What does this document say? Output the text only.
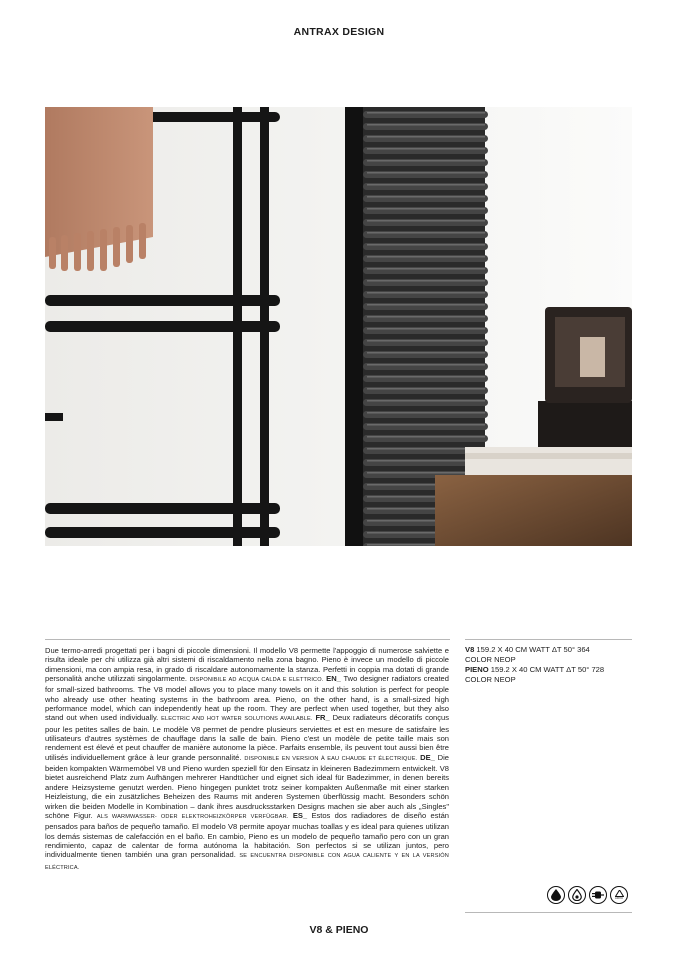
ANTRAX DESIGN
Due termo-arredi progettati per i bagni di piccole dimensioni. Il modello V8 permette l'appoggio di numerose salviette e risulta ideale per chi utilizza già altri sistemi di riscaldamento nella zona bagno. Pieno è invece un modello di piccole dimensioni, ma con ampia resa, in grado di riscaldare autonomamente la stanza. Perfetti in coppia ma dotati di grande personalità anche utilizzati singolarmente. DISPONIBILE AD ACQUA CALDA E ELETTRICO. EN_ Two designer radiators created for small-sized bathrooms. The V8 model allows you to place many towels on it and this solution is perfect for people who already use other heating systems in the bathroom area. Pieno, on the other hand, is a small-sized high performance model, which can independently heat up the room. They are perfect when used together, but they also stand out when used individually. ELECTRIC AND HOT WATER SOLUTIONS AVAILABLE. FR_ Deux radiateurs décoratifs conçus pour les petites salles de bain. Le modèle V8 permet de pendre plusieurs serviettes et est en mesure de satisfaire les utilisateurs d'autres systèmes de chauffage dans la salle de bain. Pieno c'est un modèle de petite taille mais son rendement est élevé et peut chauffer de manière autonome la pièce. Parfaits ensemble, ils peuvent tout aussi bien être utilisés individuellement grâce à leur grande personnalité. DISPONIBLE EN VERSION À EAU CHAUDE ET ÉLECTRIQUE. DE_ Die beiden kompakten Wärmemöbel V8 und Pieno wurden speziell für den Einsatz in kleineren Badezimmern entwickelt. V8 bietet ausreichend Platz zum Aufhängen mehrerer Handtücher und eignet sich ideal für Badezimmer, in denen bereits andere Heizsysteme genutzt werden. Pieno hingegen punktet trotz seiner kompakten Außenmaße mit einer starken Heizleistung, die ein zusätzliches Beheizen des Raums mit anderen Systemen überflüssig macht. Besonders schön wirken die beiden Modelle in Kombination – dank ihres ausdrucksstarken Designs machen sie aber auch als „Singles" schöne Figur. ALS WARMWASSER- ODER ELEKTROHEIZKÖRPER VERFÜGBAR. ES_ Estos dos radiadores de diseño están pensados para baños de pequeño tamaño. El modelo V8 permite apoyar muchas toallas y es ideal para quienes utilizan los demás sistemas de calefacción en el baño. En cambio, Pieno es un modelo de pequeño tamaño pero con un gran rendimiento, capaz de calentar de forma autónoma la habitación. Son perfectos si se utilizan juntos, pero individualmente tienen también una gran personalidad. SE ENCUENTRA DISPONIBLE CON AGUA CALIENTE Y EN LA VERSIÓN ELÉCTRICA.
V8 159.2 X 40 CM WATT ΔT 50° 364
COLOR NEOP
PIENO 159.2 X 40 CM WATT ΔT 50° 728
COLOR NEOP
ARXC
V8 & PIENO
